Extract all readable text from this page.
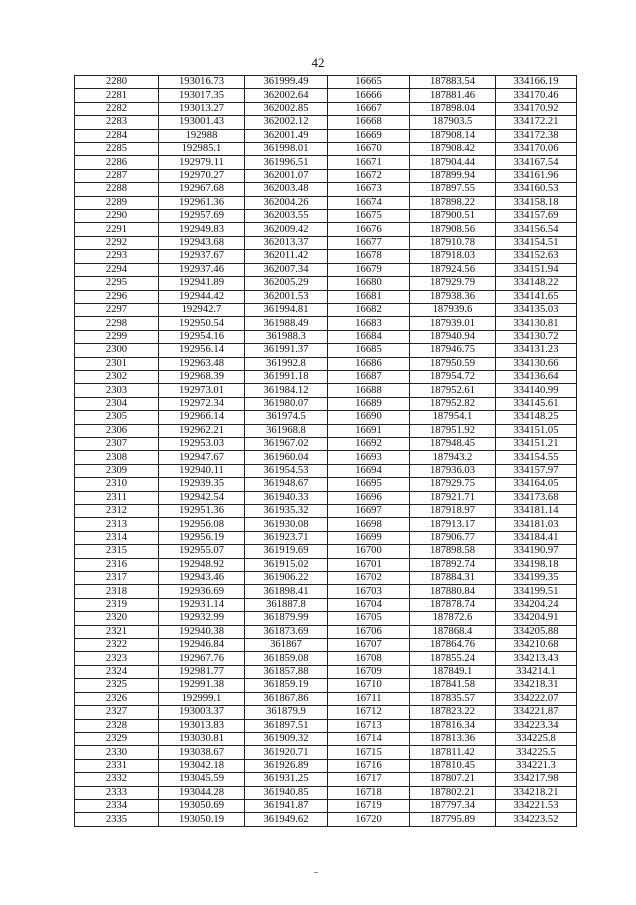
42
2280	193016.73	361999.49	16665	187883.54	334166.19
2281	193017.35	362002.64	16666	187881.46	334170.46
2282	193013.27	362002.85	16667	187898.04	334170.92
2283	193001.43	362002.12	16668	187903.5	334172.21
2284	192988	362001.49	16669	187908.14	334172.38
2285	192985.1	361998.01	16670	187908.42	334170.06
2286	192979.11	361996.51	16671	187904.44	334167.54
2287	192970.27	362001.07	16672	187899.94	334161.96
2288	192967.68	362003.48	16673	187897.55	334160.53
2289	192961.36	362004.26	16674	187898.22	334158.18
2290	192957.69	362003.55	16675	187900.51	334157.69
2291	192949.83	362009.42	16676	187908.56	334156.54
2292	192943.68	362013.37	16677	187910.78	334154.51
2293	192937.67	362011.42	16678	187918.03	334152.63
2294	192937.46	362007.34	16679	187924.56	334151.94
2295	192941.89	362005.29	16680	187929.79	334148.22
2296	192944.42	362001.53	16681	187938.36	334141.65
2297	192942.7	361994.81	16682	187939.6	334135.03
2298	192950.54	361988.49	16683	187939.01	334130.81
2299	192954.16	361988.3	16684	187940.94	334130.72
2300	192956.14	361991.37	16685	187946.75	334131.23
2301	192963.48	361992.8	16686	187950.59	334130.66
2302	192968.39	361991.18	16687	187954.72	334136.64
2303	192973.01	361984.12	16688	187952.61	334140.99
2304	192972.34	361980.07	16689	187952.82	334145.61
2305	192966.14	361974.5	16690	187954.1	334148.25
2306	192962.21	361968.8	16691	187951.92	334151.05
2307	192953.03	361967.02	16692	187948.45	334151.21
2308	192947.67	361960.04	16693	187943.2	334154.55
2309	192940.11	361954.53	16694	187936.03	334157.97
2310	192939.35	361948.67	16695	187929.75	334164.05
2311	192942.54	361940.33	16696	187921.71	334173.68
2312	192951.36	361935.32	16697	187918.97	334181.14
2313	192956.08	361930.08	16698	187913.17	334181.03
2314	192956.19	361923.71	16699	187906.77	334184.41
2315	192955.07	361919.69	16700	187898.58	334190.97
2316	192948.92	361915.02	16701	187892.74	334198.18
2317	192943.46	361906.22	16702	187884.31	334199.35
2318	192936.69	361898.41	16703	187880.84	334199.51
2319	192931.14	361887.8	16704	187878.74	334204.24
2320	192932.99	361879.99	16705	187872.6	334204.91
2321	192940.38	361873.69	16706	187868.4	334205.88
2322	192946.84	361867	16707	187864.76	334210.68
2323	192967.76	361859.08	16708	187855.24	334213.43
2324	192981.77	361857.88	16709	187849.1	334214.1
2325	192991.38	361859.19	16710	187841.58	334218.31
2326	192999.1	361867.86	16711	187835.57	334222.07
2327	193003.37	361879.9	16712	187823.22	334221.87
2328	193013.83	361897.51	16713	187816.34	334223.34
2329	193030.81	361909.32	16714	187813.36	334225.8
2330	193038.67	361920.71	16715	187811.42	334225.5
2331	193042.18	361926.89	16716	187810.45	334221.3
2332	193045.59	361931.25	16717	187807.21	334217.98
2333	193044.28	361940.85	16718	187802.21	334218.21
2334	193050.69	361941.87	16719	187797.34	334221.53
2335	193050.19	361949.62	16720	187795.89	334223.52
